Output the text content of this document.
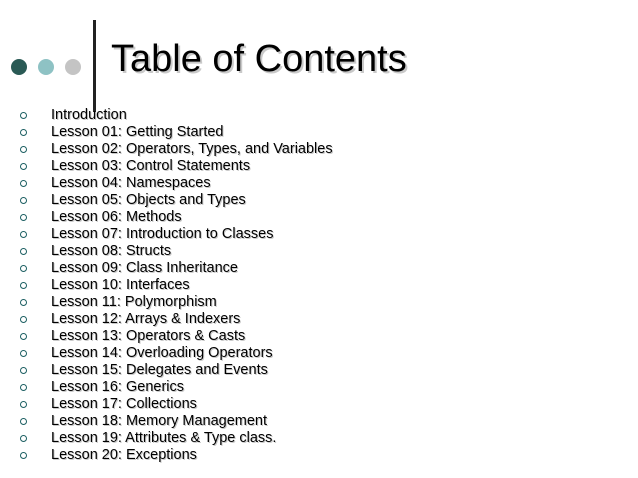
Table of Contents
Introduction
Lesson 01: Getting Started
Lesson 02: Operators, Types, and Variables
Lesson 03: Control Statements
Lesson 04: Namespaces
Lesson 05: Objects and Types
Lesson 06: Methods
Lesson 07: Introduction to Classes
Lesson 08: Structs
Lesson 09: Class Inheritance
Lesson 10: Interfaces
Lesson 11: Polymorphism
Lesson 12: Arrays & Indexers
Lesson 13: Operators & Casts
Lesson 14: Overloading Operators
Lesson 15: Delegates and Events
Lesson 16: Generics
Lesson 17: Collections
Lesson 18: Memory Management
Lesson 19: Attributes & Type class.
Lesson 20: Exceptions
